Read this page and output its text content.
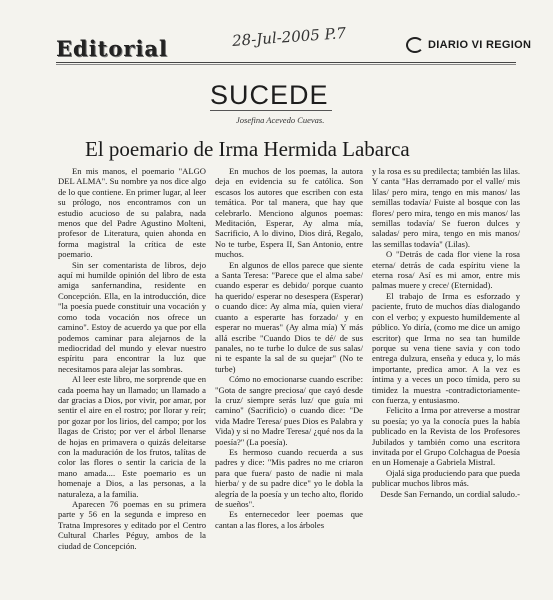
Editorial	28-Jul-2005 P.7	DIARIO VI REGION
SUCEDE
Josefina Acevedo Cuevas.
El poemario de Irma Hermida Labarca

En mis manos, el poemario "ALGO DEL ALMA". Su nombre ya nos dice algo de lo que contiene. En primer lugar, al leer su prólogo, nos encontramos con un estudio acucioso de su palabra, nada menos que del Padre Agustino Molteni, profesor de Literatura, quien ahonda en forma magistral la crítica de este poemario.

Sin ser comentarista de libros, dejo aquí mi humilde opinión del libro de esta amiga sanfernandina, residente en Concepción. Ella, en la introducción, dice "la poesía puede constituir una vocación y como toda vocación nos ofrece un camino". Estoy de acuerdo ya que por ella podemos caminar para alejarnos de la mediocridad del mundo y elevar nuestro espíritu para encontrar la luz que necesitamos para alejar las sombras.

Al leer este libro, me sorprende que en cada poema hay un llamado; un llamado a dar gracias a Dios, por vivir, por amar, por sentir el aire en el rostro; por llorar y reír; por gozar por los lirios, del campo; por los llagas de Cristo; por ver el árbol llenarse de hojas en primavera o quizás deleitarse con la maduración de los frutos, talítas de color las flores o sentir la caricia de la mano amada.... Este poemario es un homenaje a Dios, a las personas, a la naturaleza, a la familia.

Aparecen 76 poemas en su primera parte y 56 en la segunda e impreso en Tratna Impresores y editado por el Centro Cultural Charles Péguy, ambos de la ciudad de Concepción.

En muchos de los poemas, la autora deja en evidencia su fe católica. Son escasos los autores que escriben con esta temática. Por tal manera, que hay que celebrarlo. Menciono algunos poemas: Meditación, Esperar, Ay alma mía, Sacrificio, A lo divino, Dios dirá, Regalo, No te turbe, Espera II, San Antonio, entre muchos.

En algunos de ellos parece que siente a Santa Teresa: "Parece que el alma sabe/ cuando esperar es debido/ porque cuanto ha querido/ esperar no desespera (Esperar) o cuando dice: Ay alma mía, quien viera/ cuanto a esperarte has forzado/ y en esperar no mueras" (Ay alma mía) Y más allá escribe "Cuando Dios te dé/ de sus panales, no te turbe lo dulce de sus salas/ ni te espante la sal de su quejar" (No te turbe)

Cómo no emocionarse cuando escribe: "Gota de sangre preciosa/ que cayó desde la cruz/ siempre serás luz/ que guía mi camino" (Sacrificio) o cuando dice: "De vida Madre Teresa/ pues Dios es Palabra y Vida) y si no Madre Teresa/ ¿qué nos da la poesía?" (La poesía).

Es hermoso cuando recuerda a sus padres y dice: "Mis padres no me criaron para que fuera/ pasto de nadie ni mala hierba/ y de su padre dice" yo le dobla la alegría de la poesía y un techo alto, florido de sueños".

Es enternecedor leer poemas que cantan a las flores, a los árboles

y la rosa es su predilecta; también las lilas. Y canta "Has derramado por el valle/ mis lilas/ pero mira, tengo en mis manos/ las semillas todavía/ Fuiste al bosque con las flores/ pero mira, tengo en mis manos/ las semillas todavía/ Se fueron dulces y saladas/ pero mira, tengo en mis manos/ las semillas todavía" (Lilas).

O "Detrás de cada flor viene la rosa eterna/ detrás de cada espíritu viene la eterna rosa/ Así es mi amor, entre mis palmas muere y crece/ (Eternidad).

El trabajo de Irma es esforzado y paciente, fruto de muchos días dialogando con el verbo; y expuesto humildemente al público. Yo diría, (como me dice un amigo escritor) que Irma no sea tan humilde porque su vena tiene savia y con todo entrega dulzura, enseña y educa y, lo más importante, predica amor. A la vez es íntima y a veces un poco tímida, pero su timidez la muestra -contradictoriamente- con fuerza, y entusiasmo.

Felicito a Irma por atreverse a mostrar su poesía; yo ya la conocía pues la había publicado en la Revista de los Profesores Jubilados y también como una escritora invitada por el Grupo Colchagua de Poesía en un Homenaje a Gabriela Mistral.

Ojalá siga produciendo para que pueda publicar muchos libros más.

Desde San Fernando, un cordial saludo.-
